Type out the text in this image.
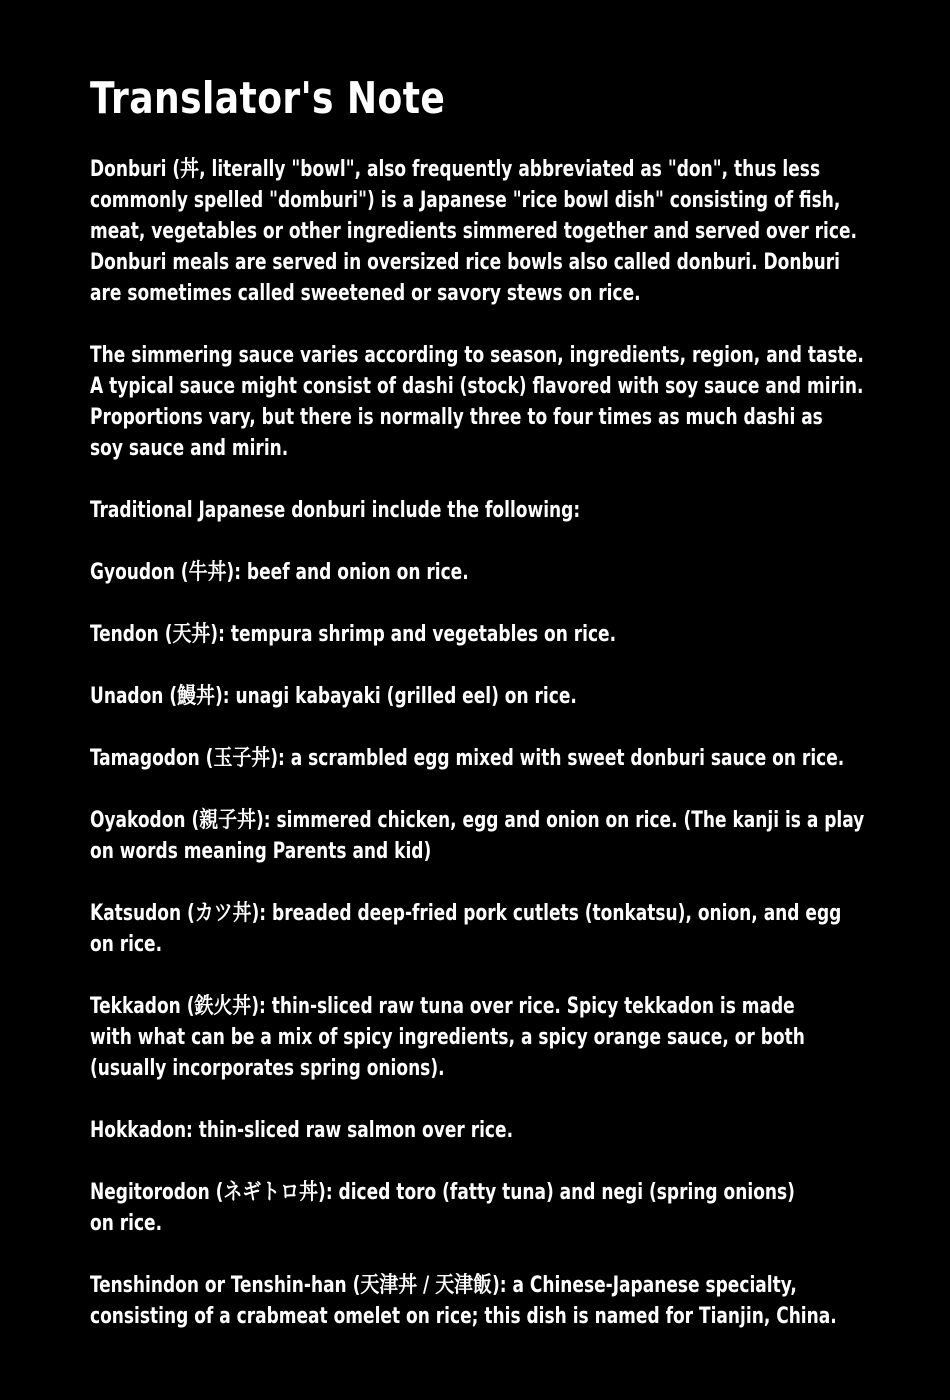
Translator's Note

Donburi (丼, literally "bowl", also frequently abbreviated as "don", thus less
commonly spelled "domburi") is a Japanese "rice bowl dish" consisting of fish,
meat, vegetables or other ingredients simmered together and served over rice.
Donburi meals are served in oversized rice bowls also called donburi. Donburi
are sometimes called sweetened or savory stews on rice.

The simmering sauce varies according to season, ingredients, region, and taste.
A typical sauce might consist of dashi (stock) flavored with soy sauce and mirin.
Proportions vary, but there is normally three to four times as much dashi as
soy sauce and mirin.

Traditional Japanese donburi include the following:

Gyoudon (牛丼): beef and onion on rice.

Tendon (天丼): tempura shrimp and vegetables on rice.

Unadon (鰻丼): unagi kabayaki (grilled eel) on rice.

Tamagodon (玉子丼): a scrambled egg mixed with sweet donburi sauce on rice.

Oyakodon (親子丼): simmered chicken, egg and onion on rice. (The kanji is a play
on words meaning Parents and kid)

Katsudon (カツ丼): breaded deep-fried pork cutlets (tonkatsu), onion, and egg
on rice.

Tekkadon (鉄火丼): thin-sliced raw tuna over rice. Spicy tekkadon is made
with what can be a mix of spicy ingredients, a spicy orange sauce, or both
(usually incorporates spring onions).

Hokkadon: thin-sliced raw salmon over rice.

Negitorodon (ネギトロ丼): diced toro (fatty tuna) and negi (spring onions)
on rice.

Tenshindon or Tenshin-han (天津丼 / 天津飯): a Chinese-Japanese specialty,
consisting of a crabmeat omelet on rice; this dish is named for Tianjin, China.
